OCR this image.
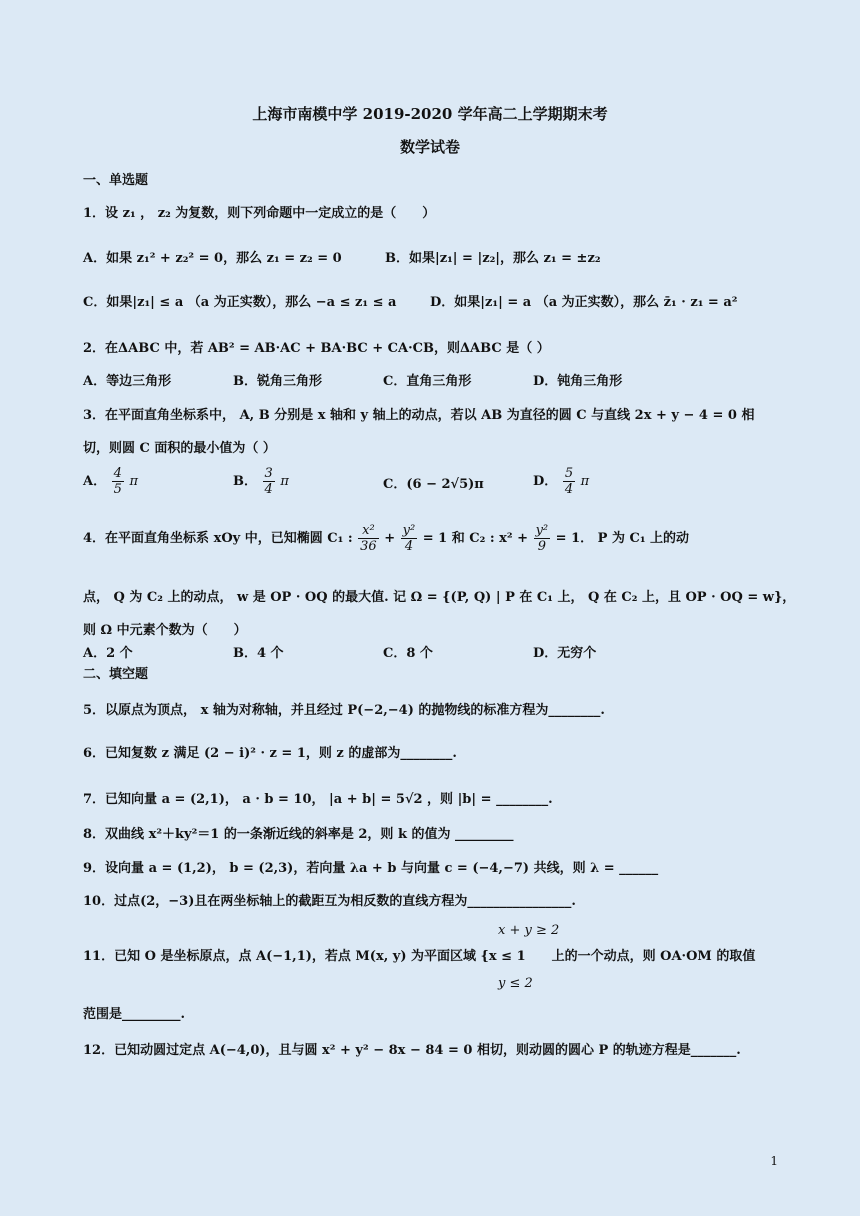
上海市南模中学 2019-2020 学年高二上学期期末考
数学试卷
一、单选题
1．设 z₁ ， z₂ 为复数，则下列命题中一定成立的是（　　）
A．如果 z₁² + z₂² = 0，那么 z₁ = z₂ = 0	B．如果|z₁| = |z₂|，那么 z₁ = ±z₂
C．如果|z₁| ≤ a （a 为正实数），那么 −a ≤ z₁ ≤ a	D．如果|z₁| = a （a 为正实数），那么 z̄₁ · z₁ = a²
2．在ΔABC 中，若 AB² = AB·AC + BA·BC + CA·CB，则ΔABC 是（ ）
A．等边三角形	B．锐角三角形	C．直角三角形	D．钝角三角形
3．在平面直角坐标系中， A, B 分别是 x 轴和 y 轴上的动点，若以 AB 为直径的圆 C 与直线 2x + y − 4 = 0 相
切，则圆 C 面积的最小值为（ ）
A． $\frac{4}{5}$ π	B． $\frac{3}{4}$ π	C．(6 − 2√5)π	D． $\frac{5}{4}$ π
4．在平面直角坐标系 xOy 中，已知椭圆 C₁ : $\frac{\text{x²}}{36} + \frac{\text{y²}}{4} = 1$ 和 C₂ : $x^2 + \frac{\text{y²}}{9} = 1$． P 为 C₁ 上的动
点， Q 为 C₂ 上的动点， w 是 OP · OQ 的最大值. 记 Ω = {(P, Q) | P 在 C₁ 上， Q 在 C₂ 上，且 OP · OQ = w}，
则 Ω 中元素个数为（　　）
A．2 个	B．4 个	C．8 个	D．无穷个
二、填空题
5．以原点为顶点， x 轴为对称轴，并且经过 P(−2,−4) 的抛物线的标准方程为________.
6．已知复数 z 满足 (2 − i)² · z = 1，则 z 的虚部为________.
7．已知向量 a = (2,1)， a · b = 10， |a + b| = 5√2 ，则 |b| = ________.
8．双曲线 x²＋ky²＝1 的一条渐近线的斜率是 2，则 k 的值为 _________
9．设向量 a = (1,2)， b = (2,3)，若向量 λa + b 与向量 c = (−4,−7) 共线，则 λ = ______
10．过点(2，−3)且在两坐标轴上的截距互为相反数的直线方程为________________.
x + y ≥ 2
11．已知 O 是坐标原点，点 A(−1,1)，若点 M(x, y) 为平面区域 {x ≤ 1　　上的一个动点，则 OA·OM 的取值
y ≤ 2
范围是_________.
12．已知动圆过定点 A(−4,0)，且与圆 x² + y² − 8x − 84 = 0 相切，则动圆的圆心 P 的轨迹方程是_______.
1
